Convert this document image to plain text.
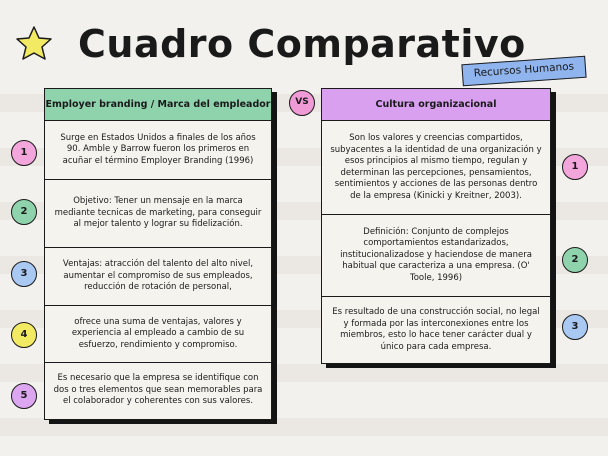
Cuadro Comparativo
Recursos Humanos
Employer branding / Marca del empleador
Surge en Estados Unidos a finales de los años 90. Amble y Barrow fueron los primeros en acuñar el término Employer Branding (1996)
Objetivo: Tener un mensaje en la marca mediante tecnicas de marketing, para conseguir al mejor talento y lograr su fidelización.
Ventajas: atracción del talento del alto nivel, aumentar el compromiso de sus empleados, reducción de rotación de personal,
ofrece una suma de ventajas, valores y experiencia al empleado a cambio de su esfuerzo, rendimiento y compromiso.
Es necesario que la empresa se identifique con dos o tres elementos que sean memorables para el colaborador y coherentes con sus valores.
VS	Cultura organizacional
Son los valores y creencias compartidos, subyacentes a la identidad de una organización y esos principios al mismo tiempo, regulan y determinan las percepciones, pensamientos, sentimientos y acciones de las personas dentro de la empresa (Kinicki y Kreitner, 2003).
Definición: Conjunto de complejos comportamientos estandarizados, institucionalizadose y haciendose de manera habitual que caracteriza a una empresa. (O' Toole, 1996)
Es resultado de una construcción social, no legal y formada por las interconexiones entre los miembros, esto lo hace tener carácter dual y único para cada empresa.
1
2
3
4
5
1
2
3
